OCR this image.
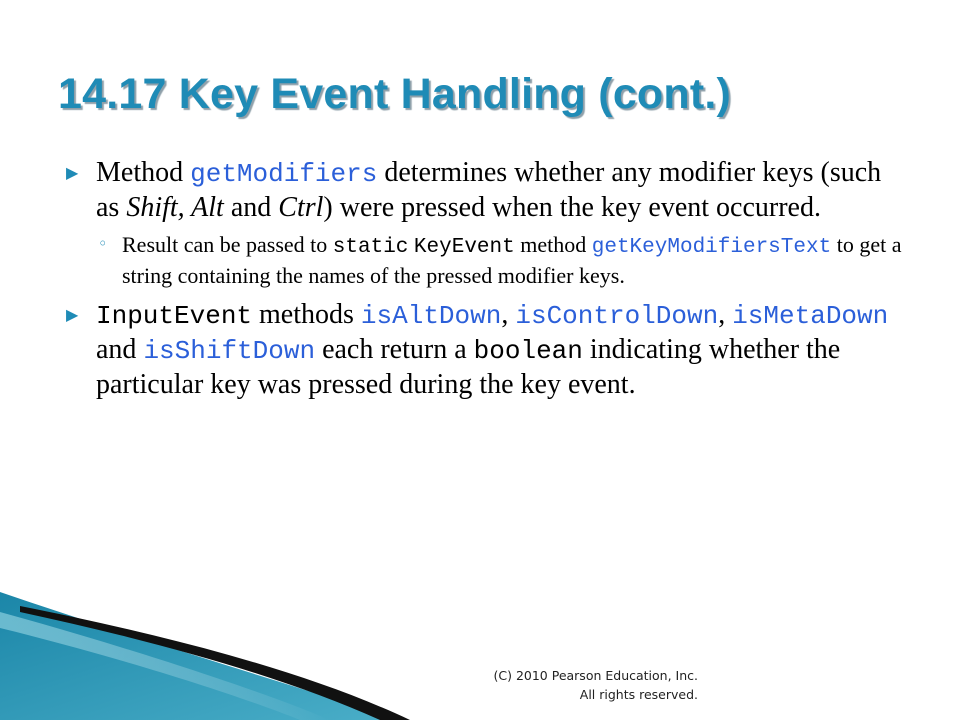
14.17 Key Event Handling (cont.)
▶ Method getModifiers determines whether any modifier keys (such as Shift, Alt and Ctrl) were pressed when the key event occurred.
◦ Result can be passed to static KeyEvent method getKeyModifiersText to get a string containing the names of the pressed modifier keys.
▶ InputEvent methods isAltDown, isControlDown, isMetaDown and isShiftDown each return a boolean indicating whether the particular key was pressed during the key event.
(C) 2010 Pearson Education, Inc.
All rights reserved.
